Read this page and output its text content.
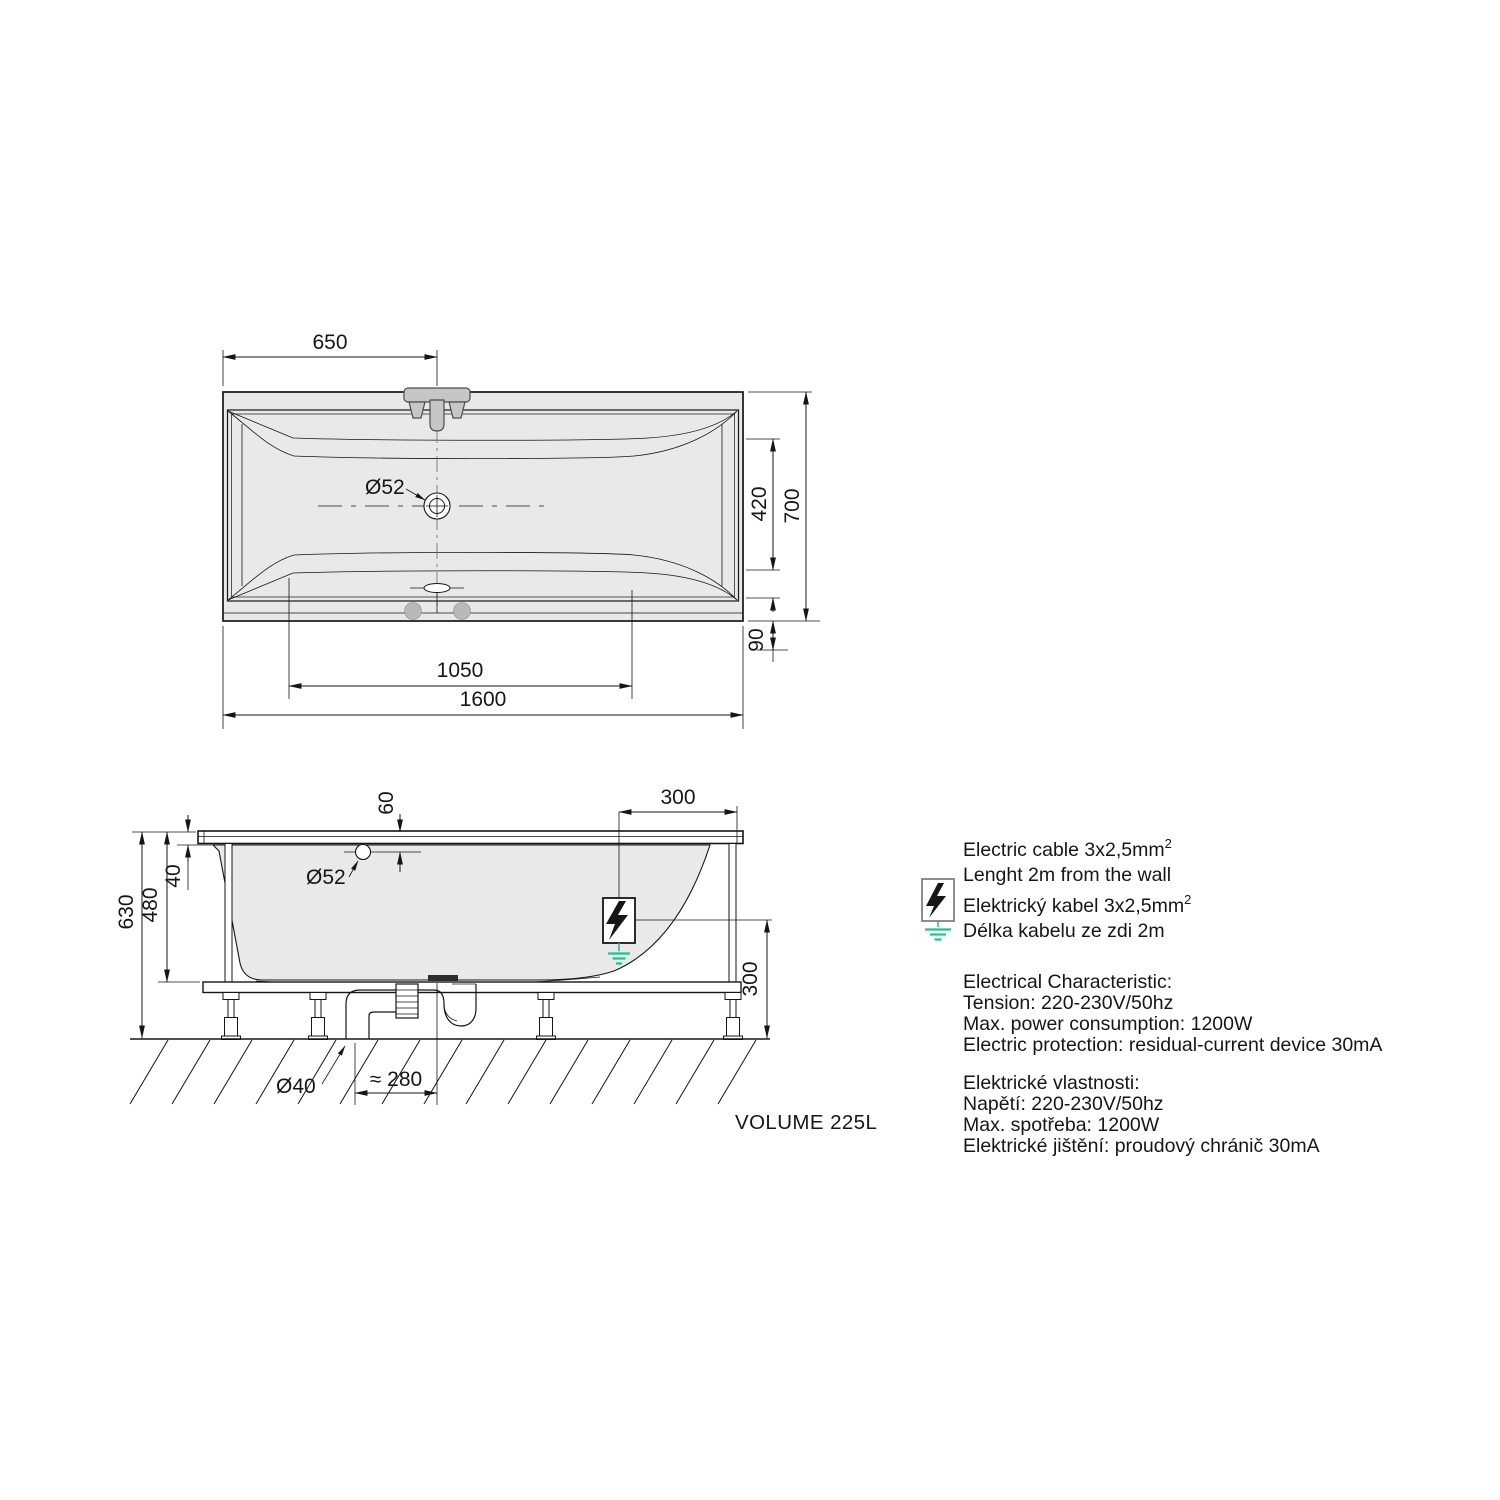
650
700
420
90
1050
1600
Ø52
630 480
40
60
Ø52
300
300
Ø40	≈ 280
Electric cable $3x2,5mm^2$
Lenght 2m from the wall
Elektrický kabel $3x2,5mm^2$
Délka kabelu ze zdi 2m
Electrical Characteristic:
Tension: 220-230V/50hz
Max. power consumption: 1200W
Electric protection: residual-current device 30mA
Elektrické vlastnosti:
Napětí: 220-230V/50hz
Max. spotřeba: 1200W
Elektrické jištění: proudový chránič 30mA
VOLUME 225L
